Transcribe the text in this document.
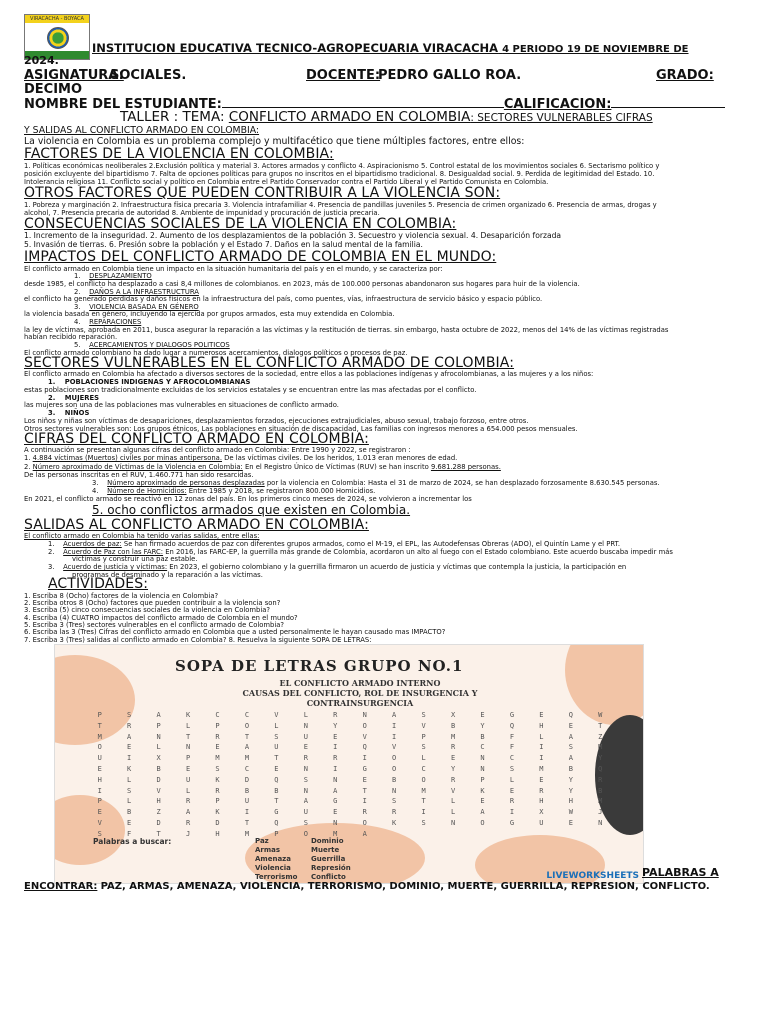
VIRACACHA - BOYACA
INSTITUCION EDUCATIVA TECNICO-AGROPECUARIA VIRACACHA 4 PERIODO 19 DE NOVIEMBRE DE
2024.
ASIGNATURA:
SOCIALES.	DOCENTE:
PEDRO GALLO ROA.	GRADO:
DECIMO
NOMBRE DEL ESTUDIANTE:	CALIFICACION:
TALLER : TEMA: CONFLICTO ARMADO EN COLOMBIA: SECTORES VULNERABLES CIFRAS
Y SALIDAS AL CONFLICTO ARMADO EN COLOMBIA:
La violencia en Colombia es un problema complejo y multifacético que tiene múltiples factores, entre ellos:
FACTORES DE LA VIOLENCIA EN COLOMBIA:
1. Políticas económicas neoliberales 2.Exclusión política y material 3. Actores armados y conflicto 4. Aspiracionismo 5. Control estatal de los movimientos sociales 6. Sectarismo político y
posición excluyente del bipartidismo 7. Falta de opciones políticas para grupos no inscritos en el bipartidismo tradicional. 8. Desigualdad social. 9. Perdida de legitimidad del Estado. 10.
Intolerancia religiosa 11. Conflicto social y político en Colombia entre el Partido Conservador contra el Partido Liberal y el Partido Comunista en Colombia.
OTROS FACTORES QUE PUEDEN CONTRIBUIR A LA VIOLENCIA SON:
1. Pobreza y marginación 2. Infraestructura física precaria 3. Violencia intrafamiliar 4. Presencia de pandillas juveniles 5. Presencia de crimen organizado 6. Presencia de armas, drogas y
alcohol, 7. Presencia precaria de autoridad 8. Ambiente de impunidad y procuración de justicia precaria.
CONSECUENCIAS SOCIALES DE LA VIOLENCIA EN COLOMBIA:
1. Incremento de la inseguridad. 2. Aumento de los desplazamientos de la población 3. Secuestro y violencia sexual. 4. Desaparición forzada
5. Invasión de tierras. 6. Presión sobre la población y el Estado 7. Daños en la salud mental de la familia.
IMPACTOS DEL CONFLICTO ARMADO DE COLOMBIA EN EL MUNDO:
El conflicto armado en Colombia tiene un impacto en la situación humanitaria del país y en el mundo, y se caracteriza por:
1. DESPLAZAMIENTO
desde 1985, el conflicto ha desplazado a casi 8,4 millones de colombianos. en 2023, más de 100.000 personas abandonaron sus hogares para huir de la violencia.
2. DAÑOS A LA INFRAESTRUCTURA
el conflicto ha generado perdidas y daños físicos en la infraestructura del país, como puentes, vías, infraestructura de servicio básico y espacio público.
3. VIOLENCIA BASADA EN GÉNERO
la violencia basada en género, incluyendo la ejercida por grupos armados, esta muy extendida en Colombia.
4. REPARACIONES
la ley de víctimas, aprobada en 2011, busca asegurar la reparación a las víctimas y la restitución de tierras. sin embargo, hasta octubre de 2022, menos del 14% de las víctimas registradas
habían recibido reparación.
5. ACERCAMIENTOS Y DIALOGOS POLITICOS
El conflicto armado colombiano ha dado lugar a numerosos acercamientos, dialogos políticos o procesos de paz.
SECTORES VULNERABLES EN EL CONFLICTO ARMADO DE COLOMBIA:
El conflicto armado en Colombia ha afectado a diversos sectores de la sociedad, entre ellos a las poblaciones indígenas y afrocolombianas, a las mujeres y a los niños:
1. POBLACIONES INDIGENAS Y AFROCOLOMBIANAS
estas poblaciones son tradicionalmente excluidas de los servicios estatales y se encuentran entre las mas afectadas por el conflicto.
2. MUJERES
las mujeres son una de las poblaciones mas vulnerables en situaciones de conflicto armado.
3. NIÑOS
Los niños y niñas son víctimas de desapariciones, desplazamientos forzados, ejecuciones extrajudiciales, abuso sexual, trabajo forzoso, entre otros.
Otros sectores vulnerables son: Los grupos étnicos, Las poblaciones en situación de discapacidad, Las familias con ingresos menores a 654.000 pesos mensuales.
CIFRAS DEL CONFLICTO ARMADO EN COLOMBIA:
A continuación se presentan algunas cifras del conflicto armado en Colombia: Entre 1990 y 2022, se registraron :
1. 4.884 víctimas (Muertos) civiles por minas antipersona. De las víctimas civiles. De los heridos, 1.013 eran menores de edad.
2. Número aproximado de Víctimas de la Violencia en Colombia: En el Registro Único de Víctimas (RUV) se han inscrito 9.681.288 personas.
De las personas inscritas en el RUV, 1.460.771 han sido resarcidas.
3. Número aproximado de personas desplazadas por la violencia en Colombia: Hasta el 31 de marzo de 2024, se han desplazado forzosamente 8.630.545 personas.
4. Número de Homicidios: Entre 1985 y 2018, se registraron 800.000 Homicidios.
En 2021, el conflicto armado se reactivó en 12 zonas del país. En los primeros cinco meses de 2024, se volvieron a incrementar los
5. ocho conflictos armados que existen en Colombia.
SALIDAS AL CONFLICTO ARMADO EN COLOMBIA:
El conflicto armado en Colombia ha tenido varias salidas, entre ellas:
1. Acuerdos de paz: Se han firmado acuerdos de paz con diferentes grupos armados, como el M-19, el EPL, las Autodefensas Obreras (ADO), el Quintín Lame y el PRT.
2. Acuerdo de Paz con las FARC: En 2016, las FARC-EP, la guerrilla más grande de Colombia, acordaron un alto al fuego con el Estado colombiano. Este acuerdo buscaba impedir más
víctimas y construir una paz estable.
3. Acuerdo de justicia y víctimas: En 2023, el gobierno colombiano y la guerrilla firmaron un acuerdo de justicia y víctimas que contempla la justicia, la participación en
programas de desminado y la reparación a las víctimas.
ACTIVIDADES:
1. Escriba 8 (Ocho) factores de la violencia en Colombia?
2. Escriba otros 8 (Ocho) factores que pueden contribuir a la violencia son?
3. Escriba (5) cinco consecuencias sociales de la violencia en Colombia?
4. Escriba (4) CUATRO impactos del conflicto armado de Colombia en el mundo?
5. Escriba 3 (Tres) sectores vulnerables en el conflicto armado de Colombia?
6. Escriba las 3 (Tres) Cifras del conflicto armado en Colombia que a usted personalmente le hayan causado mas IMPACTO?
7. Escriba 3 (Tres) salidas al conflicto armado en Colombia? 8. Resuelva la siguiente SOPA DE LETRAS:
SOPA DE LETRAS GRUPO NO.1
EL CONFLICTO ARMADO INTERNO
CAUSAS DEL CONFLICTO, ROL DE INSURGENCIA Y
CONTRAINSURGENCIA
P	S	A	K	C	C	V	L	R	N	A	S	X	E	G	E	Q	W
T	R	P	L	P	O	L	N	Y	O	I	V	B	Y	Q	H	E	T
M	A	N	T	R	T	S	U	E	V	I	P	M	B	F	L	A	Z
O	E	L	N	E	A	U	E	I	Q	V	S	R	C	F	I	S	M
U	I	X	P	M	M	T	R	R	I	O	L	E	N	C	I	A	Y
E	K	B	E	S	C	E	N	I	G	O	C	Y	N	S	M	B	Q
H	L	D	U	K	D	Q	S	N	E	B	O	R	P	L	E	Y	R
I	S	V	L	R	B	B	N	A	T	N	M	V	K	E	R	Y	B
P	L	H	R	P	U	T	A	G	I	S	T	L	E	R	H	H	M
E	B	Z	A	K	I	G	U	E	R	R	I	L	A	I	X	W	J
V	E	D	R	D	T	Q	S	N	O	K	S	N	O	G	U	E	N
S	F	T	J	H	M	P	O	M	A
Palabras a buscar:	Paz	Dominio
Armas	Muerte
Amenaza	Guerrilla
Violencia	Represión
Terrorismo Conflicto	LIVEWORKSHEETS PALABRAS A
ENCONTRAR: PAZ, ARMAS, AMENAZA, VIOLENCIA, TERRORISMO, DOMINIO, MUERTE, GUERRILLA, REPRESION, CONFLICTO.
